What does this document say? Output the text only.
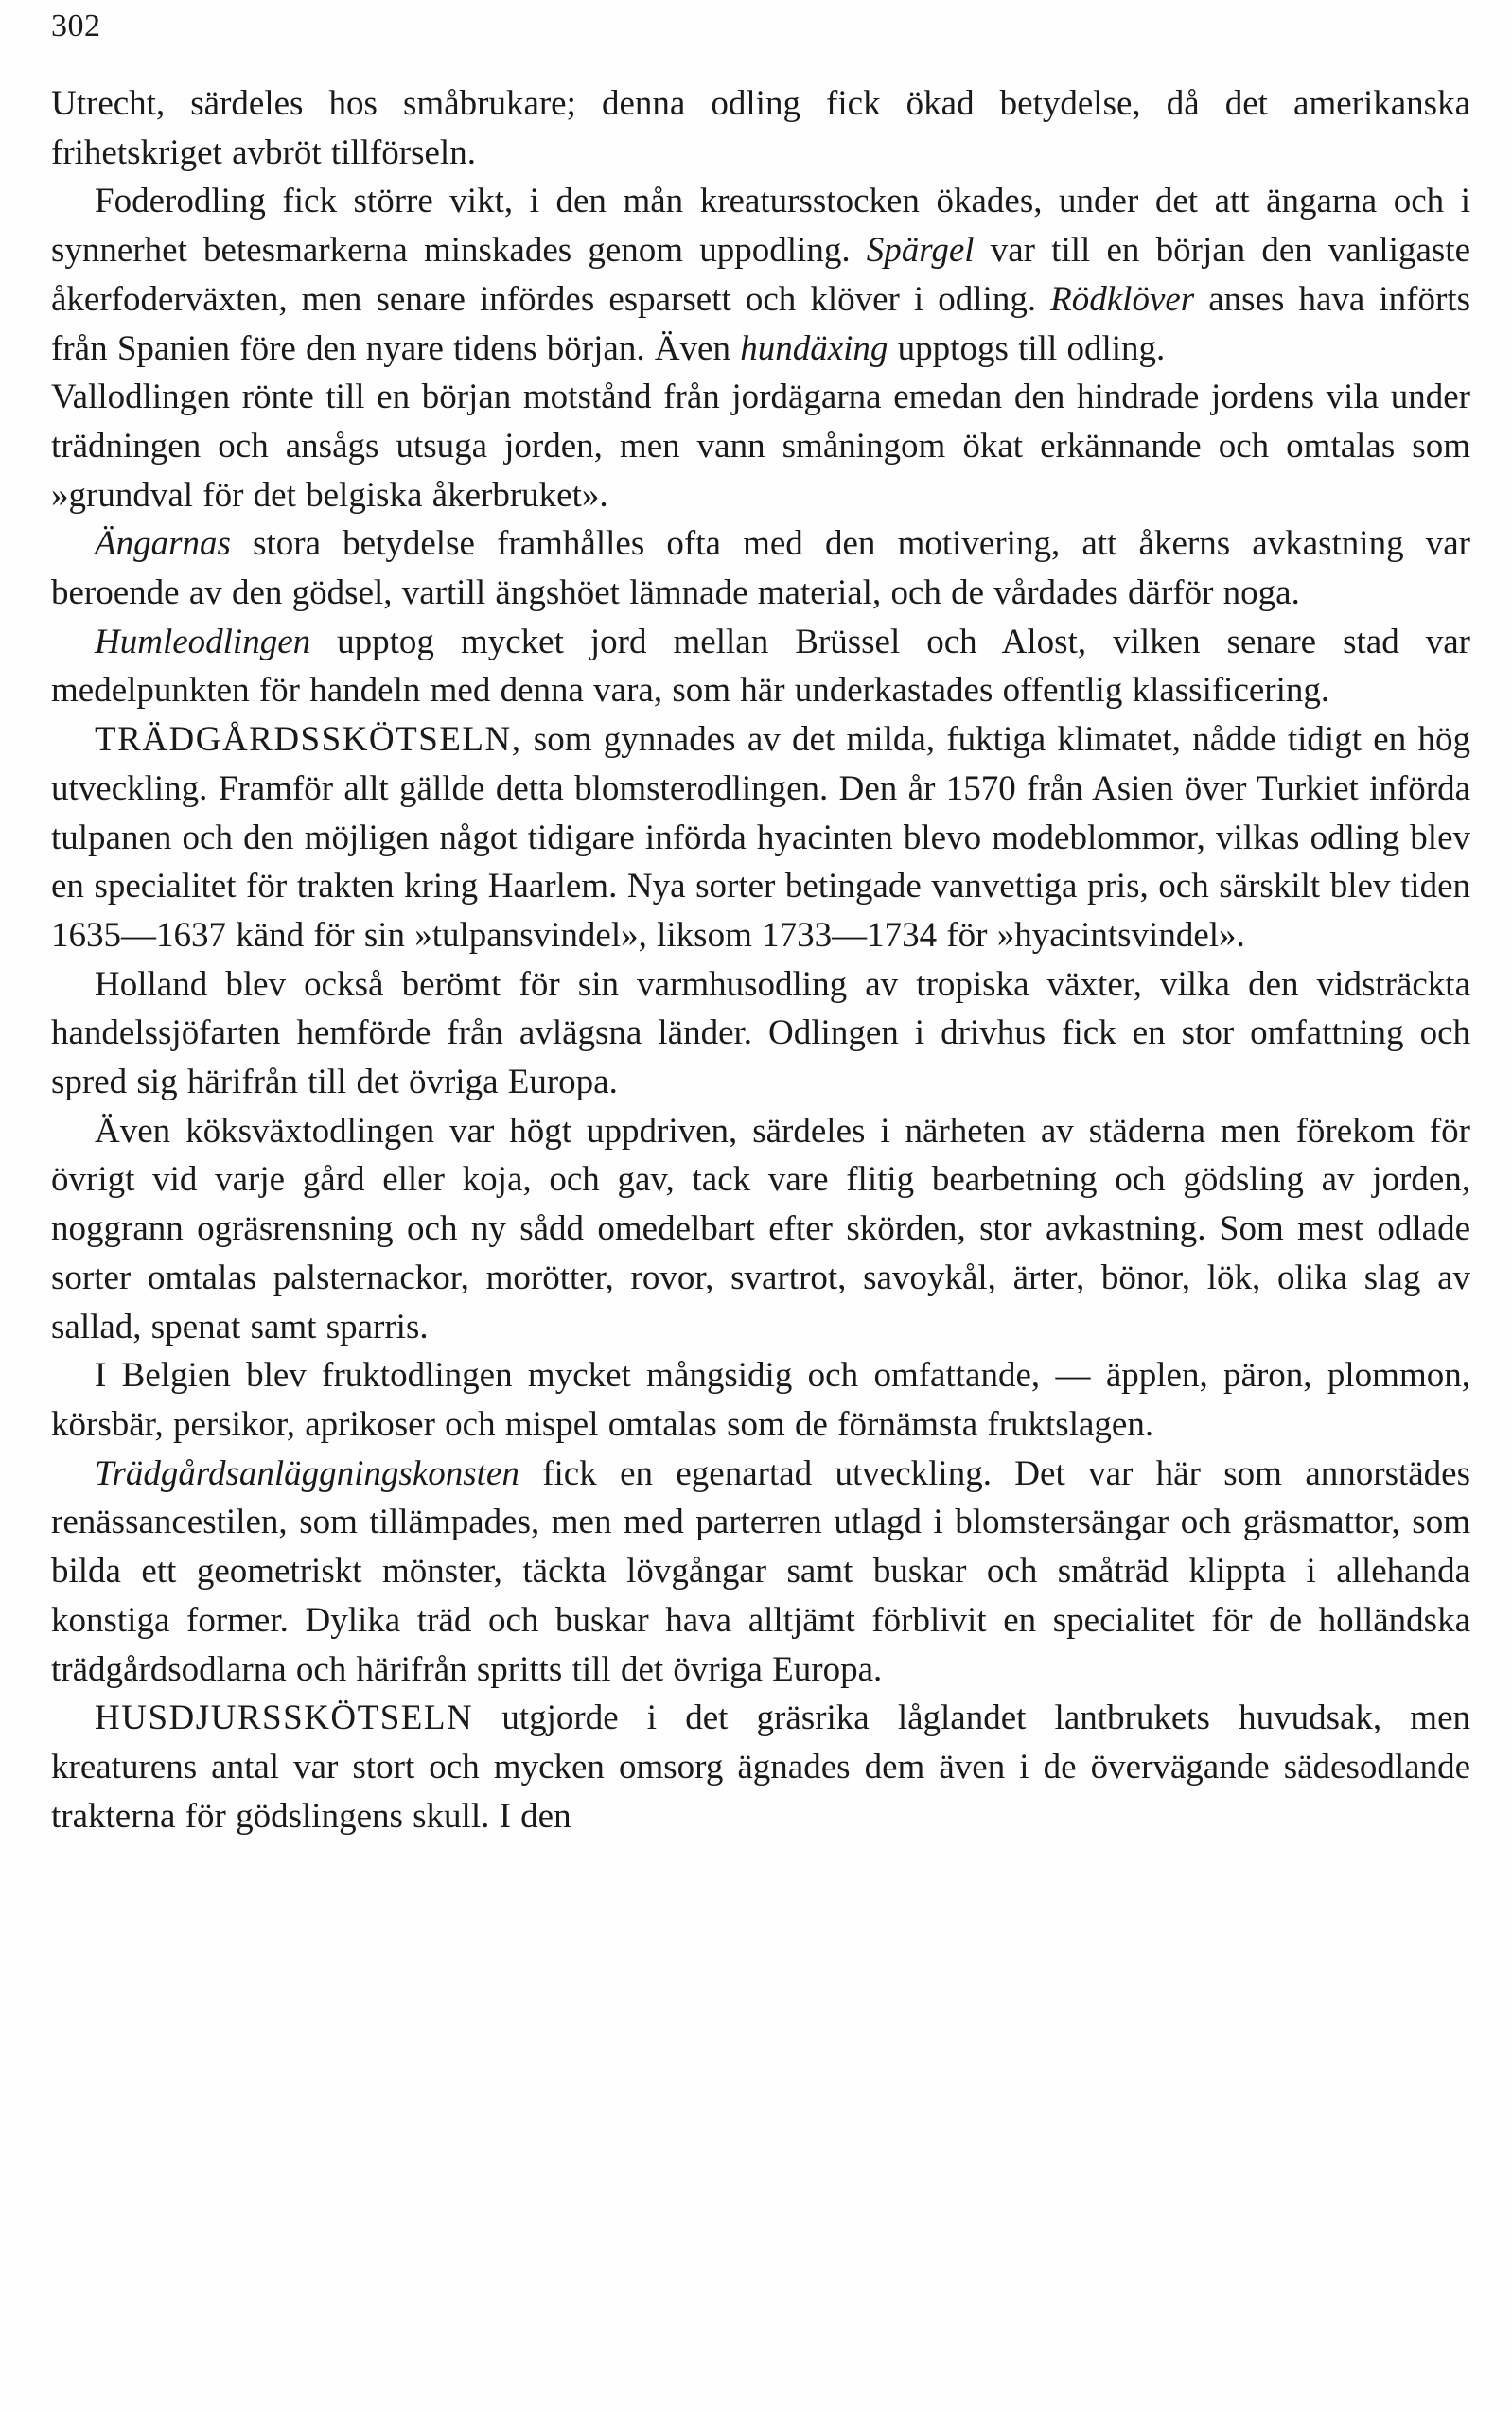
302

Utrecht, särdeles hos småbrukare; denna odling fick ökad betydelse, då det amerikanska frihetskriget avbröt tillförseln.

Foderodling fick större vikt, i den mån kreatursstocken ökades, under det att ängarna och i synnerhet betesmarkerna minskades genom uppodling. Spärgel var till en början den vanligaste åkerfoderväxten, men senare infördes esparsett och klöver i odling. Rödklöver anses hava införts från Spanien före den nyare tidens början. Även hundäxing upptogs till odling.

Vallodlingen rönte till en början motstånd från jordägarna emedan den hindrade jordens vila under trädningen och ansågs utsuga jorden, men vann småningom ökat erkännande och omtalas som »grundval för det belgiska åkerbruket».

Ängarnas stora betydelse framhålles ofta med den motivering, att åkerns avkastning var beroende av den gödsel, vartill ängshöet lämnade material, och de vårdades därför noga.

Humleodlingen upptog mycket jord mellan Brüssel och Alost, vilken senare stad var medelpunkten för handeln med denna vara, som här underkastades offentlig klassificering.

TRÄDGÅRDSSKÖTSELN, som gynnades av det milda, fuktiga klimatet, nådde tidigt en hög utveckling. Framför allt gällde detta blomsterodlingen. Den år 1570 från Asien över Turkiet införda tulpanen och den möjligen något tidigare införda hyacinten blevo modeblommor, vilkas odling blev en specialitet för trakten kring Haarlem. Nya sorter betingade vanvettiga pris, och särskilt blev tiden 1635—1637 känd för sin »tulpansvindel», liksom 1733—1734 för »hyacintsvindel».

Holland blev också berömt för sin varmhusodling av tropiska växter, vilka den vidsträckta handelssjöfarten hemförde från avlägsna länder. Odlingen i drivhus fick en stor omfattning och spred sig härifrån till det övriga Europa.

Även köksväxtodlingen var högt uppdriven, särdeles i närheten av städerna men förekom för övrigt vid varje gård eller koja, och gav, tack vare flitig bearbetning och gödsling av jorden, noggrann ogräsrensning och ny sådd omedelbart efter skörden, stor avkastning. Som mest odlade sorter omtalas palsternackor, morötter, rovor, svartrot, savoykål, ärter, bönor, lök, olika slag av sallad, spenat samt sparris.

I Belgien blev fruktodlingen mycket mångsidig och omfattande, — äpplen, päron, plommon, körsbär, persikor, aprikoser och mispel omtalas som de förnämsta fruktslagen.

Trädgårdsanläggningskonsten fick en egenartad utveckling. Det var här som annorstädes renässancestilen, som tillämpades, men med parterren utlagd i blomstersängar och gräsmattor, som bilda ett geometriskt mönster, täckta lövgångar samt buskar och småträd klippta i allehanda konstiga former. Dylika träd och buskar hava alltjämt förblivit en specialitet för de holländska trädgårdsodlarna och härifrån spritts till det övriga Europa.

HUSDJURSSKÖTSELN utgjorde i det gräsrika låglandet lantbrukets huvudsak, men kreaturens antal var stort och mycken omsorg ägnades dem även i de övervägande sädesodlande trakterna för gödslingens skull. I den
